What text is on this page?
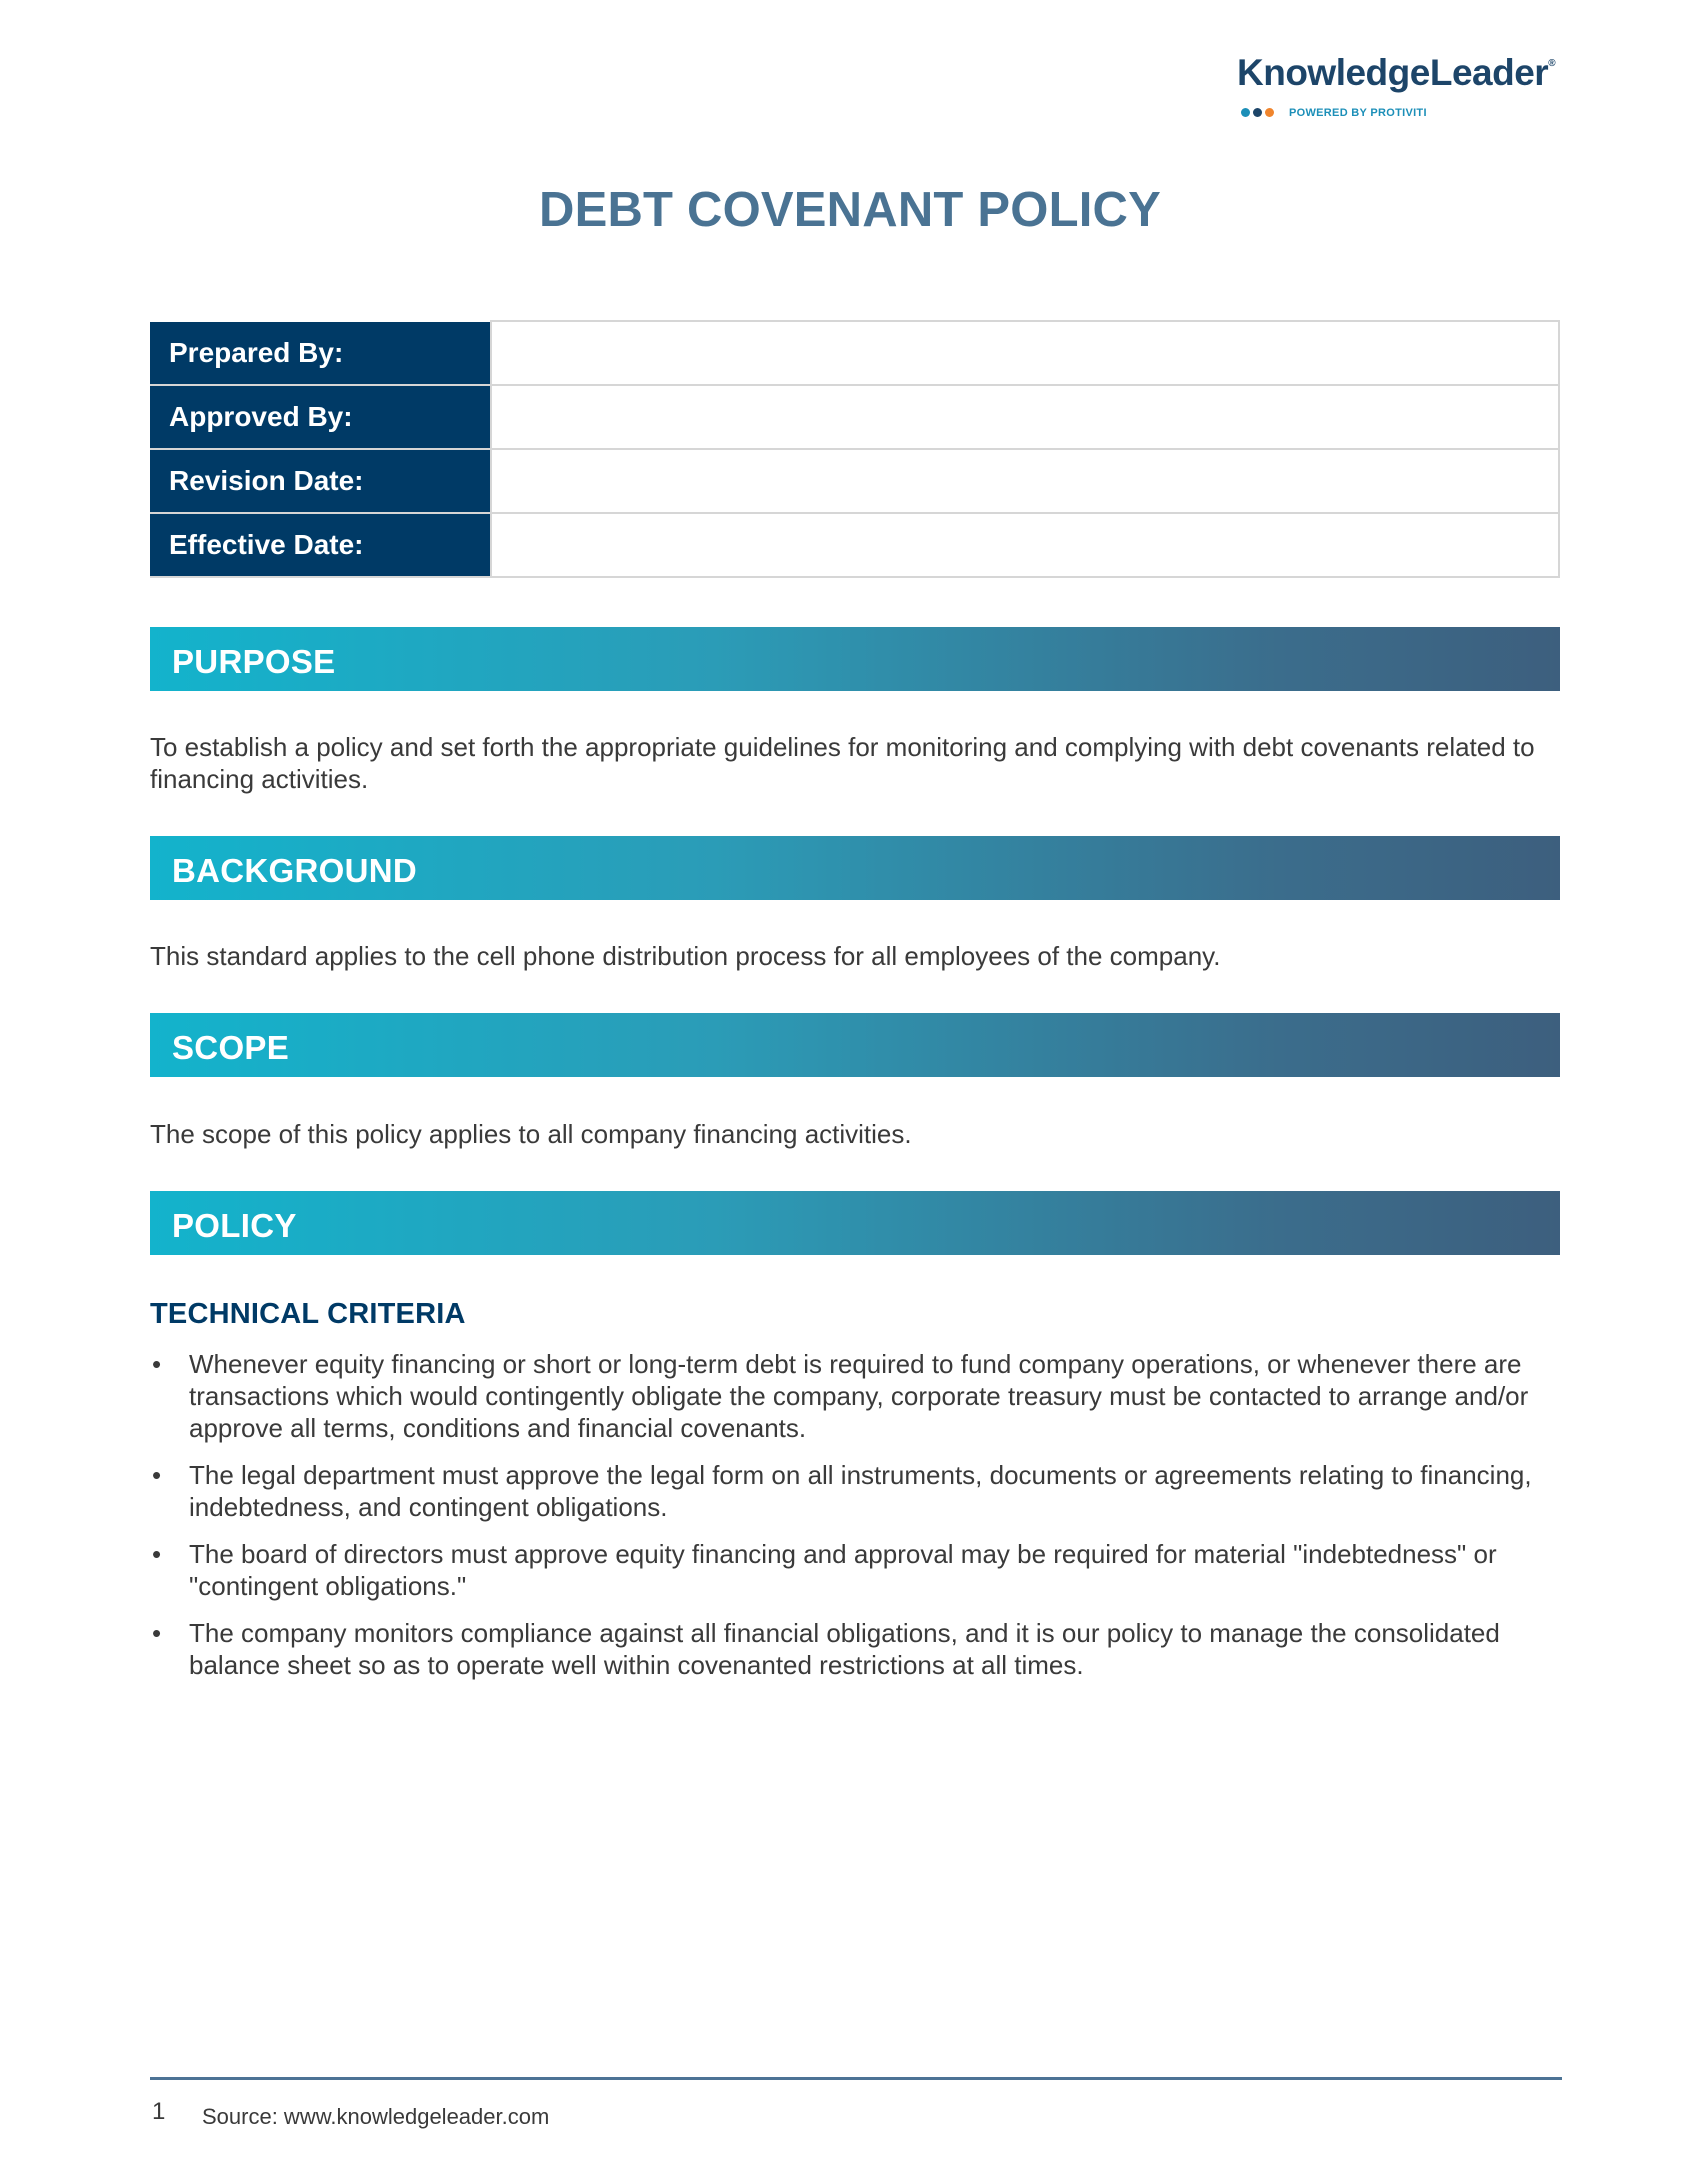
KnowledgeLeader®
POWERED BY PROTIVITI
DEBT COVENANT POLICY
Prepared By:	
Approved By:	
Revision Date:	
Effective Date:	
PURPOSE

To establish a policy and set forth the appropriate guidelines for monitoring and complying with debt covenants related to financing activities.

BACKGROUND

This standard applies to the cell phone distribution process for all employees of the company.

SCOPE

The scope of this policy applies to all company financing activities.

POLICY
TECHNICAL CRITERIA
• Whenever equity financing or short or long-term debt is required to fund company operations, or whenever there are transactions which would contingently obligate the company, corporate treasury must be contacted to arrange and/or approve all terms, conditions and financial covenants.
• The legal department must approve the legal form on all instruments, documents or agreements relating to financing, indebtedness, and contingent obligations.
• The board of directors must approve equity financing and approval may be required for material "indebtedness" or "contingent obligations."
• The company monitors compliance against all financial obligations, and it is our policy to manage the consolidated balance sheet so as to operate well within covenanted restrictions at all times.
1 Source: www.knowledgeleader.com
